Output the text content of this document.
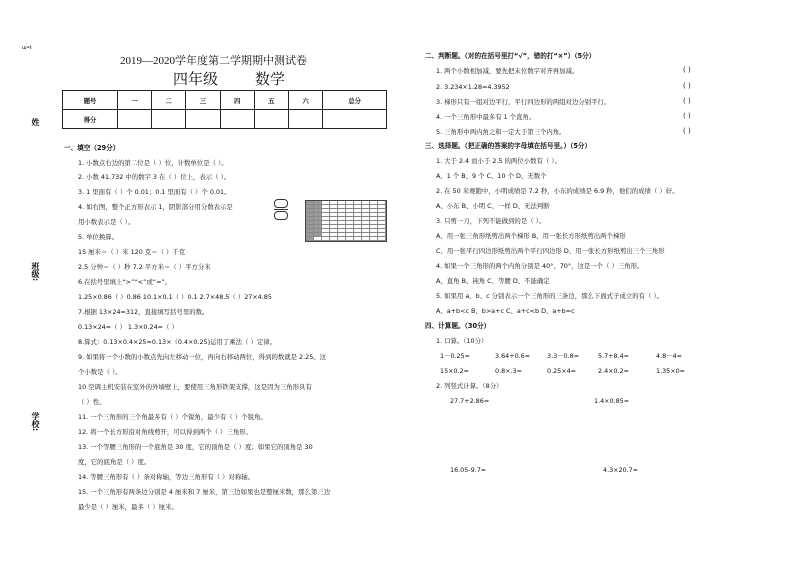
ш•ŧ
姓
班级:
学校:
2019—2020学年度第二学期期中测试卷
四年级 数学
题号	一	二	三	四	五	六	总分
得分							
一、填空（29分）
1. 小数点右边的第二位是（ ）位，计数单位是（ ）。
2. 小数 41.732 中的数字 3 在（ ）位上，表示（ ）。
3. 1 里面有（ ）个 0.01；0.1 里面有（ ）个 0.01。
4. 如右图，整个正方形表示 1，阴影部分用分数表示是
用小数表示是（ ）。
5. 单位换算。
15 厘米＝（ ）米 120 克＝（ ）千克
2.5 分钟＝（ ）秒 7.2 平方米＝（ ）平方分米
6.在括号里填上“>”“<”或“=”。
1.25×0.86（ ）0.86 10.1×0.1（ ）0.1 2.7×48.5（ ）27×4.85
7.根据 13×24=312，直接填写括号里的数。
0.13×24=（ ） 1.3×0.24=（ ）
8.算式：0.13×0.4×25=0.13×（0.4×0.25)运用了乘法（ ）定律。
9. 如果将一个小数的小数点先向左移动一位，再向右移动两位，得到的数就是 2.25。这
个小数是（ ）。
10 空调主机安装在室外的外墙壁上，要使用三角形铁架支撑，这是因为三角形具有
（ ）性。
11. 一个三角形的三个角最多有（ ）个锐角，最少有（ ）个锐角。
12. 将一个长方形沿对角线剪开，可以得到两个（ ）三角形。
13. 一个等腰三角形的一个底角是 30 度，它的顶角是（ ）度；如果它的顶角是 30
度，它的底角是（ ）度。
14. 等腰三角形有（ ）条对称轴，等边三角形有（ ）对称轴。
15. 一个三角形有两条边分别是 4 厘米和 7 厘米，第三边如果也是整厘米数，那么第三边
最少是（ ）厘米，最多（ ）厘米。
二、判断题。（对的在括号里打“√”，错的打“×”）（5分）
1. 两个小数相加减，要先把末位数字对齐再加减。	( )
2. 3.234×1.28=4.3952	( )
3. 梯形只有一组对边平行，平行四边形的两组对边分别平行。	( )
4. 一个三角形中最多有 1 个直角。	( )
5. 三角形中两内角之和一定大于第三个内角。	( )
三、选择题。（把正确的答案的字母填在括号里。）（5分）
1. 大于 2.4 而小于 2.5 的两位小数有（ ）。
A、1 个 B、9 个 C、10 个 D、无数个
2. 在 50 米赛跑中，小明成绩是 7.2 秒，小东的成绩是 6.9 秒，他们的成绩（ ）好。
A、小东 B、小明 C、一样 D、无法判断
3. 只剪一刀，下列不能做到的是（ ）。
A、用一张三角形纸剪出两个梯形 B、用一张长方形纸剪出两个梯形
C、用一张平行四边形纸剪出两个平行四边形 D、用一张长方形纸剪出三个三角形
4. 如果一个三角形的两个内角分别是 40°、70°，这是一个（ ）三角形。
A、直角 B、钝角 C、等腰 D、不能确定
5. 如果用 a、b、c 分别表示一个三角形的三条边，那么下面式子成立的有（ ）。
A、a+b<c B、b>a+c C、a+c<b D、a+b=c
四、计算题。（30分）
1. 口算。（10分）
1－0.25=	3.64+0.6=	3.3－0.8=	5.7+8.4=	4.8－4=
15×0.2=	0.8×.3=	0.25×4=	2.4×0.2=	1.35×0=
2. 列竖式计算。（8分）
27.7+2.86=	1.4×0.85=
16.05-9.7=	4.3×20.7=
